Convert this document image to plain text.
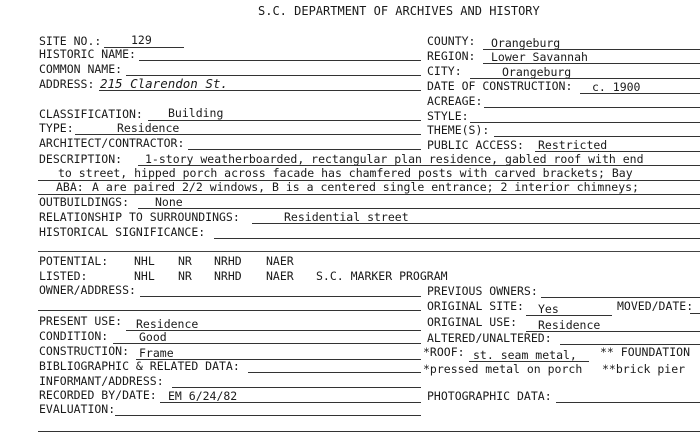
S.C. DEPARTMENT OF ARCHIVES AND HISTORY
SITE NO.:	129
HISTORIC NAME:
COMMON NAME:
ADDRESS: 215 Clarendon St.
COUNTY: Orangeburg
REGION: Lower Savannah
CITY:	Orangeburg
DATE OF CONSTRUCTION: c. 1900
ACREAGE:
CLASSIFICATION: Building	STYLE:
TYPE:	Residence	THEME(S):
ARCHITECT/CONTRACTOR:	PUBLIC ACCESS: Restricted
DESCRIPTION: 1-story weatherboarded, rectangular plan residence, gabled roof with end
to street, hipped porch across facade has chamfered posts with carved brackets; Bay
ABA: A are paired 2/2 windows, B is a centered single entrance; 2 interior chimneys;
OUTBUILDINGS: None
RELATIONSHIP TO SURROUNDINGS:	Residential street
HISTORICAL SIGNIFICANCE:
POTENTIAL: NHL NR NRHD NAER
LISTED:	NHL NR NRHD NAER S.C. MARKER PROGRAM
OWNER/ADDRESS:	PREVIOUS OWNERS:
ORIGINAL SITE: Yes	MOVED/DATE:
PRESENT USE: Residence	ORIGINAL USE: Residence
CONDITION:	Good	ALTERED/UNALTERED:
CONSTRUCTION: Frame	*ROOF: st. seam metal, ** FOUNDATION
BIBLIOGRAPHIC & RELATED DATA:	*pressed metal on porch **brick pier
INFORMANT/ADDRESS:
RECORDED BY/DATE: EM 6/24/82	PHOTOGRAPHIC DATA:
EVALUATION:
